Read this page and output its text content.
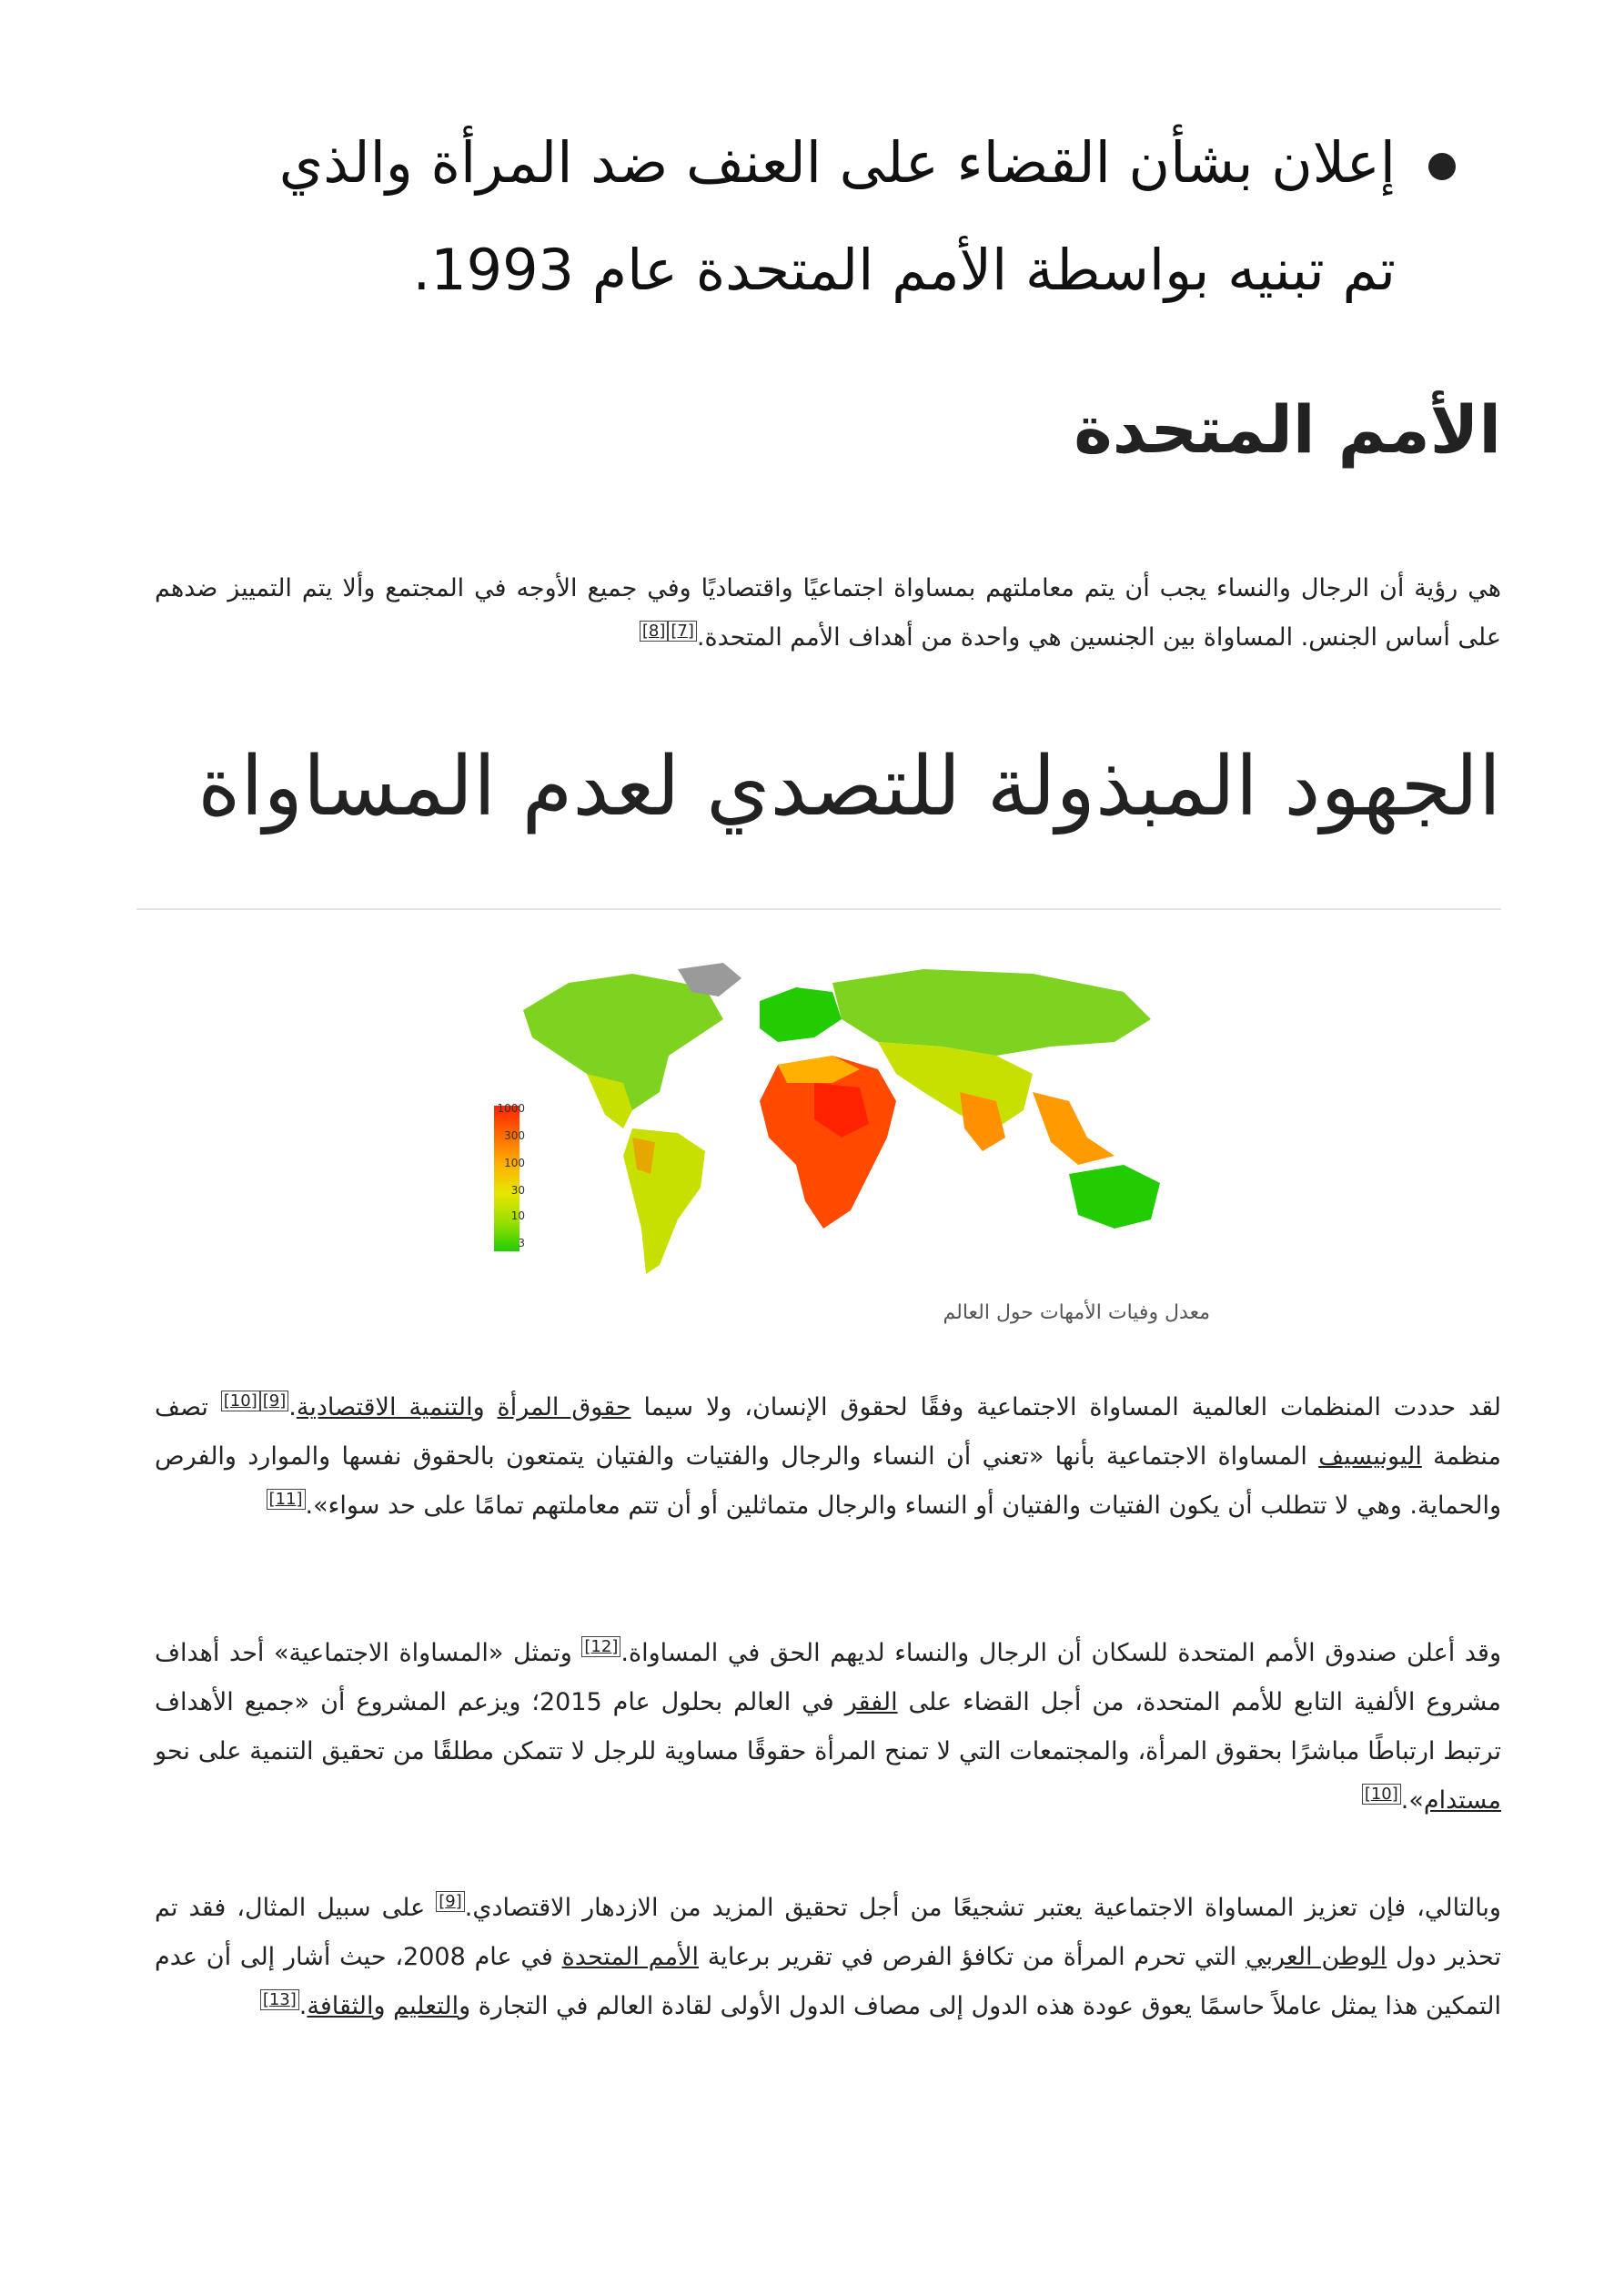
إعلان بشأن القضاء على العنف ضد المرأة والذي
تم تبنيه بواسطة الأمم المتحدة عام 1993.
الأمم المتحدة

هي رؤية أن الرجال والنساء يجب أن يتم معاملتهم بمساواة اجتماعيًا واقتصاديًا وفي جميع الأوجه في المجتمع وألا يتم التمييز ضدهم على أساس الجنس. المساواة بين الجنسين هي واحدة من أهداف الأمم المتحدة.[7][8]

الجهود المبذولة للتصدي لعدم المساواة
1000
300
100
30
10
3
معدل وفيات الأمهات حول العالم

لقد حددت المنظمات العالمية المساواة الاجتماعية وفقًا لحقوق الإنسان، ولا سيما حقوق المرأة والتنمية الاقتصادية.[9][10] تصف منظمة اليونيسيف المساواة الاجتماعية بأنها «تعني أن النساء والرجال والفتيات والفتيان يتمتعون بالحقوق نفسها والموارد والفرص والحماية. وهي لا تتطلب أن يكون الفتيات والفتيان أو النساء والرجال متماثلين أو أن تتم معاملتهم تمامًا على حد سواء».[11]

وقد أعلن صندوق الأمم المتحدة للسكان أن الرجال والنساء لديهم الحق في المساواة.[12] وتمثل «المساواة الاجتماعية» أحد أهداف مشروع الألفية التابع للأمم المتحدة، من أجل القضاء على الفقر في العالم بحلول عام 2015؛ ويزعم المشروع أن «جميع الأهداف ترتبط ارتباطًا مباشرًا بحقوق المرأة، والمجتمعات التي لا تمنح المرأة حقوقًا مساوية للرجل لا تتمكن مطلقًا من تحقيق التنمية على نحو مستدام».[10]

وبالتالي، فإن تعزيز المساواة الاجتماعية يعتبر تشجيعًا من أجل تحقيق المزيد من الازدهار الاقتصادي.[9] على سبيل المثال، فقد تم تحذير دول الوطن العربي التي تحرم المرأة من تكافؤ الفرص في تقرير برعاية الأمم المتحدة في عام 2008، حيث أشار إلى أن عدم التمكين هذا يمثل عاملاً حاسمًا يعوق عودة هذه الدول إلى مصاف الدول الأولى لقادة العالم في التجارة والتعليم والثقافة.[13]
